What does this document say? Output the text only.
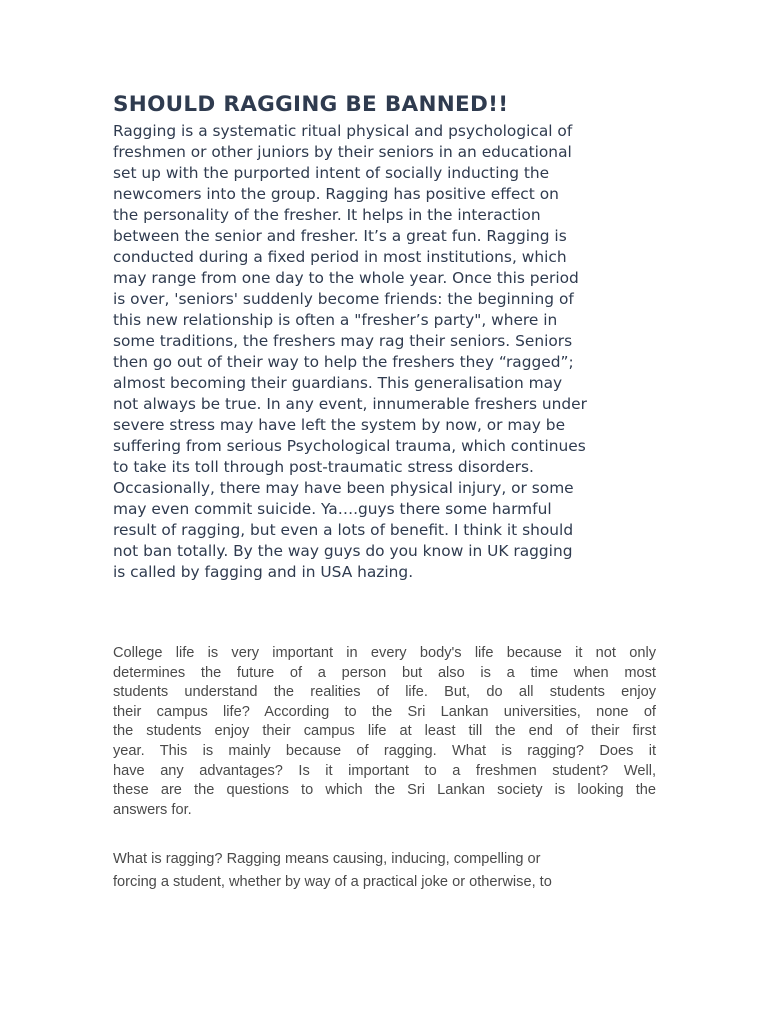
SHOULD RAGGING BE BANNED!!
Ragging is a systematic ritual physical and psychological of
freshmen or other juniors by their seniors in an educational
set up with the purported intent of socially inducting the
newcomers into the group. Ragging has positive effect on
the personality of the fresher. It helps in the interaction
between the senior and fresher. It’s a great fun. Ragging is
conducted during a fixed period in most institutions, which
may range from one day to the whole year. Once this period
is over, 'seniors' suddenly become friends: the beginning of
this new relationship is often a "fresher’s party", where in
some traditions, the freshers may rag their seniors. Seniors
then go out of their way to help the freshers they “ragged”;
almost becoming their guardians. This generalisation may
not always be true. In any event, innumerable freshers under
severe stress may have left the system by now, or may be
suffering from serious Psychological trauma, which continues
to take its toll through post-traumatic stress disorders.
Occasionally, there may have been physical injury, or some
may even commit suicide. Ya….guys there some harmful
result of ragging, but even a lots of benefit. I think it should
not ban totally. By the way guys do you know in UK ragging
is called by fagging and in USA hazing.
College life is very important in every body's life because it not only
determines the future of a person but also is a time when most
students understand the realities of life. But, do all students enjoy
their campus life? According to the Sri Lankan universities, none of
the students enjoy their campus life at least till the end of their first
year. This is mainly because of ragging. What is ragging? Does it
have any advantages? Is it important to a freshmen student? Well,
these are the questions to which the Sri Lankan society is looking the
answers for.
What is ragging? Ragging means causing, inducing, compelling or
forcing a student, whether by way of a practical joke or otherwise, to
